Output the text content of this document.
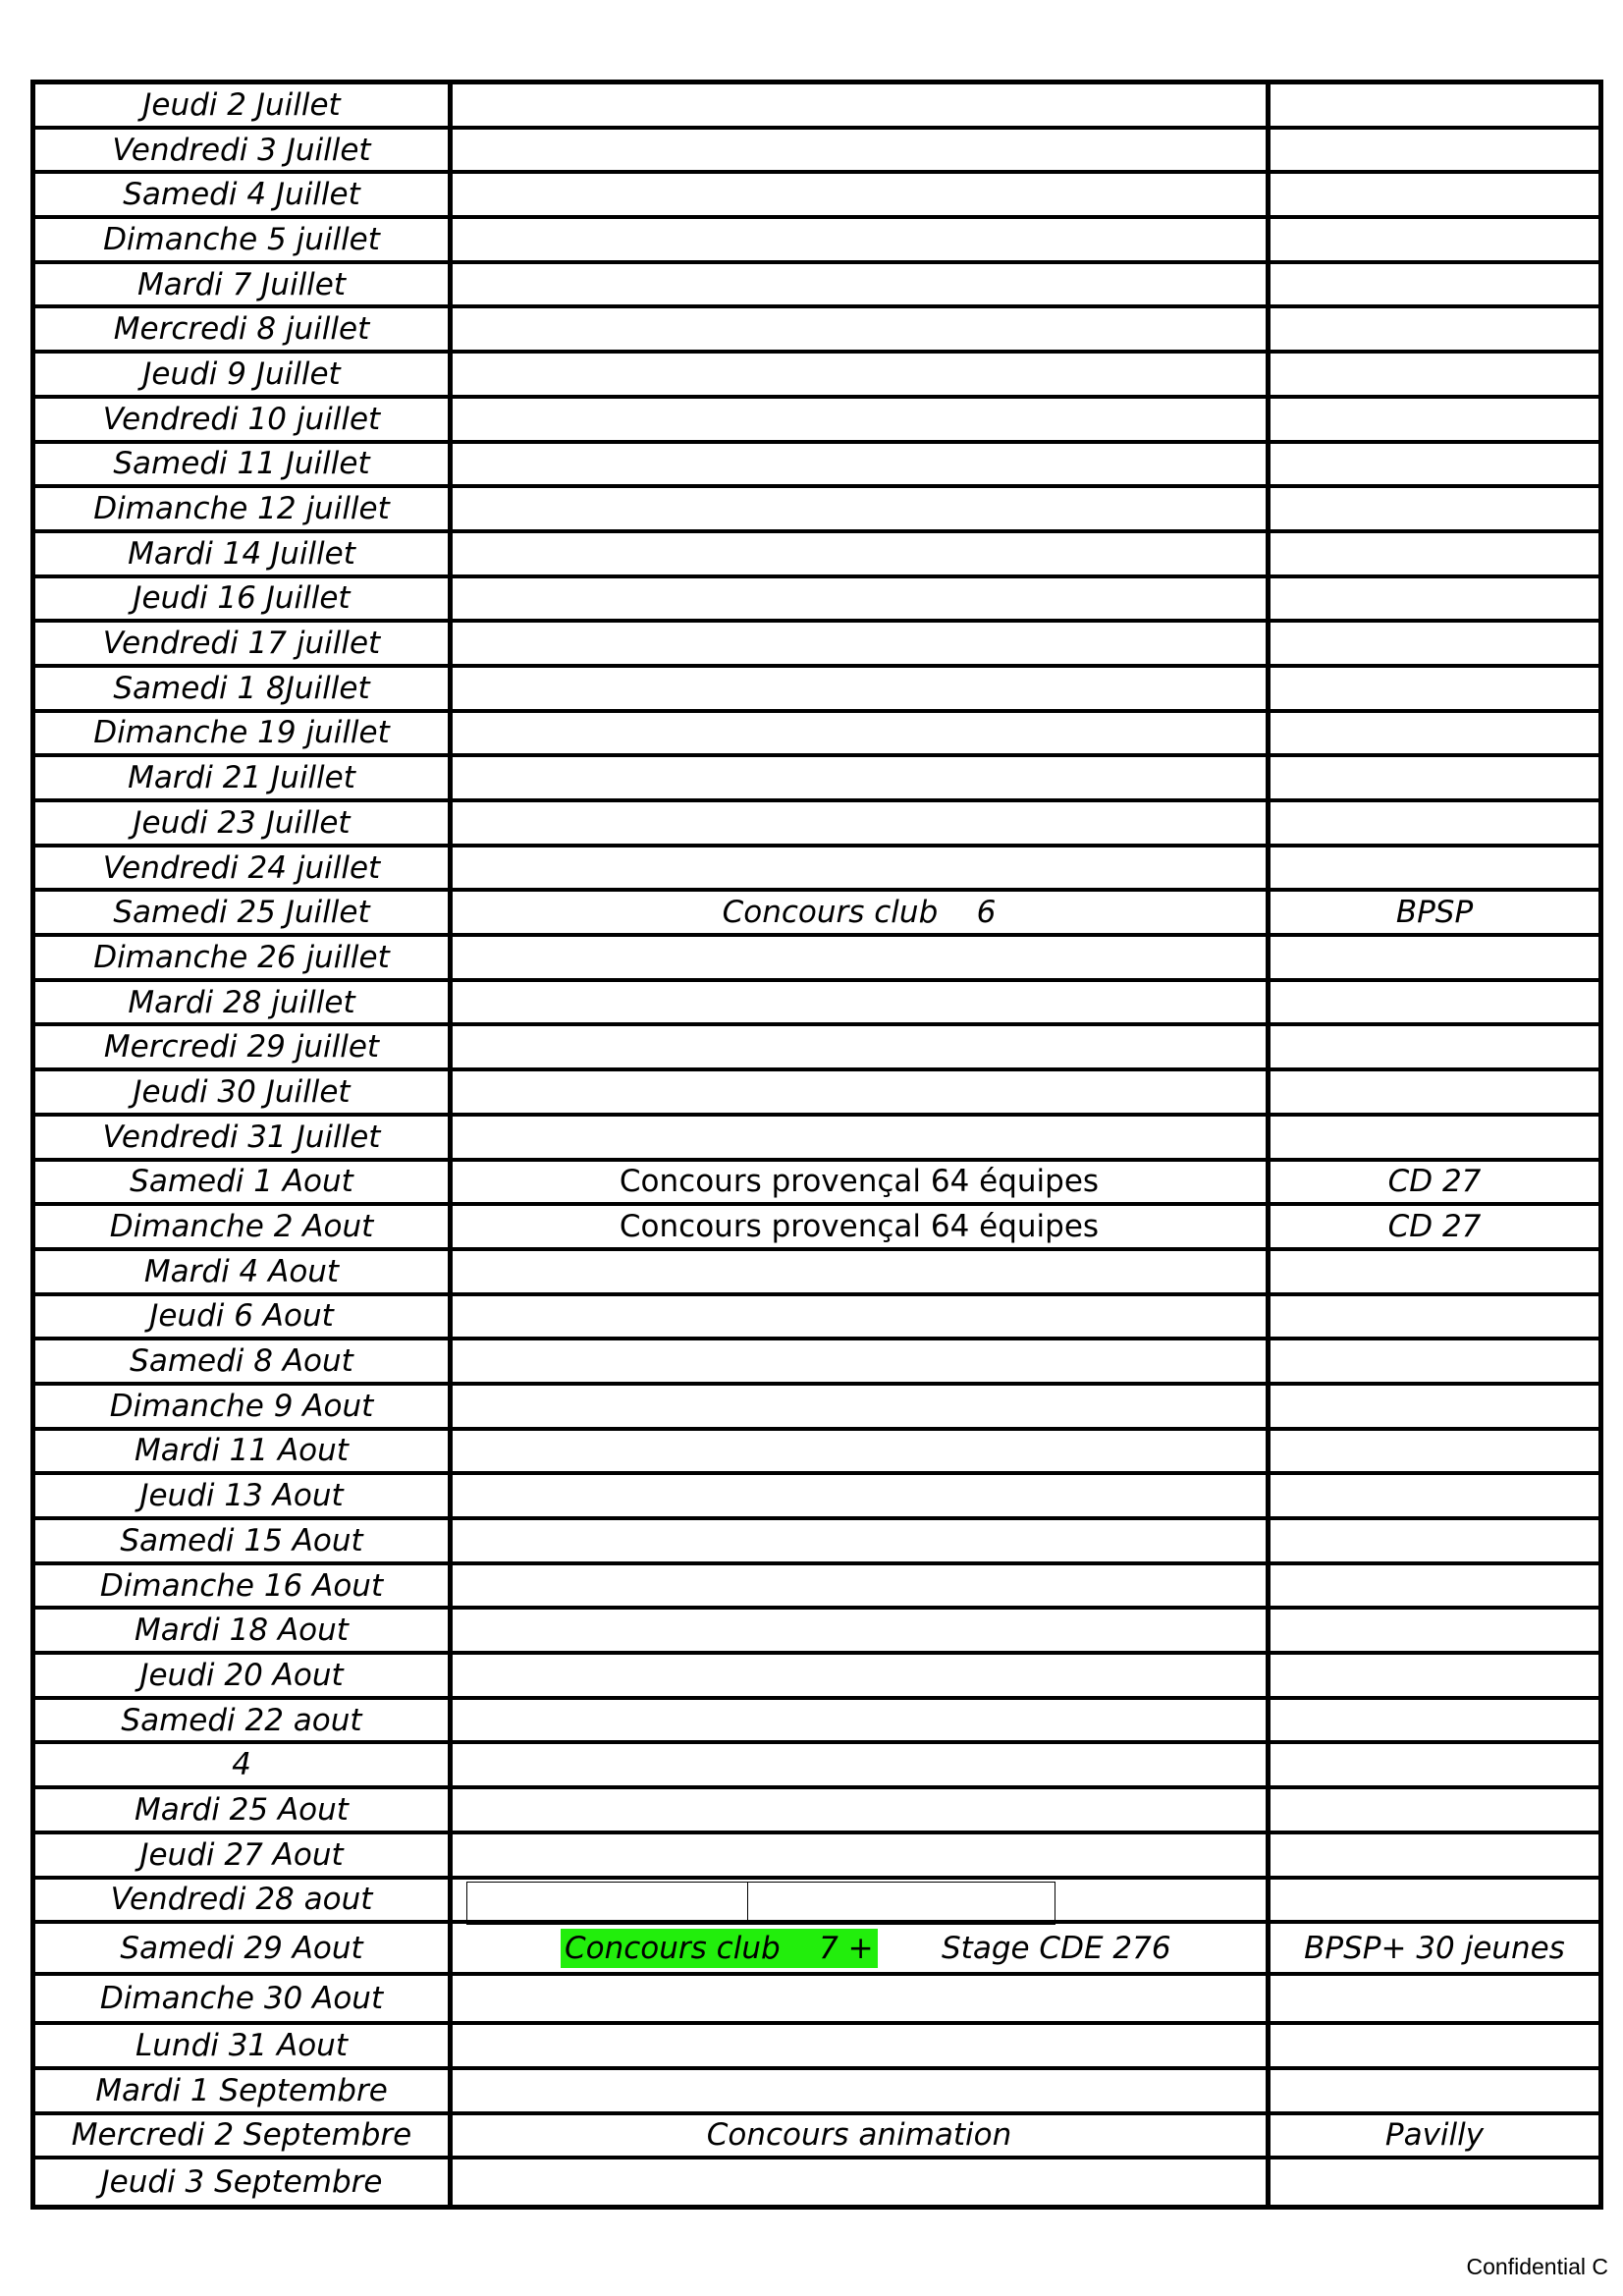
Jeudi 2 Juillet
Vendredi 3 Juillet
Samedi 4 Juillet
Dimanche 5 juillet
Mardi 7 Juillet
Mercredi 8 juillet
Jeudi 9 Juillet
Vendredi 10 juillet
Samedi 11 Juillet
Dimanche 12 juillet
Mardi 14 Juillet
Jeudi 16 Juillet
Vendredi 17 juillet
Samedi 1 8Juillet
Dimanche 19 juillet
Mardi 21 Juillet
Jeudi 23 Juillet
Vendredi 24 juillet
Samedi 25 Juillet	Concours club    6	BPSP
Dimanche 26 juillet
Mardi 28 juillet
Mercredi 29 juillet
Jeudi 30 Juillet
Vendredi 31 Juillet
Samedi 1 Aout	Concours provençal 64 équipes	CD 27
Dimanche 2 Aout	Concours provençal 64 équipes	CD 27
Mardi 4 Aout
Jeudi 6 Aout
Samedi 8 Aout
Dimanche 9 Aout
Mardi 11 Aout
Jeudi 13 Aout
Samedi 15 Aout
Dimanche 16 Aout
Mardi 18 Aout
Jeudi 20 Aout
Samedi 22 aout
4
Mardi 25 Aout
Jeudi 27 Aout
Vendredi 28 aout
Samedi 29 Aout	Concours club    7 + Stage CDE 276	BPSP+ 30 jeunes
Dimanche 30 Aout
Lundi 31 Aout
Mardi 1 Septembre
Mercredi 2 Septembre	Concours animation	Pavilly
Jeudi 3 Septembre
Confidential C
